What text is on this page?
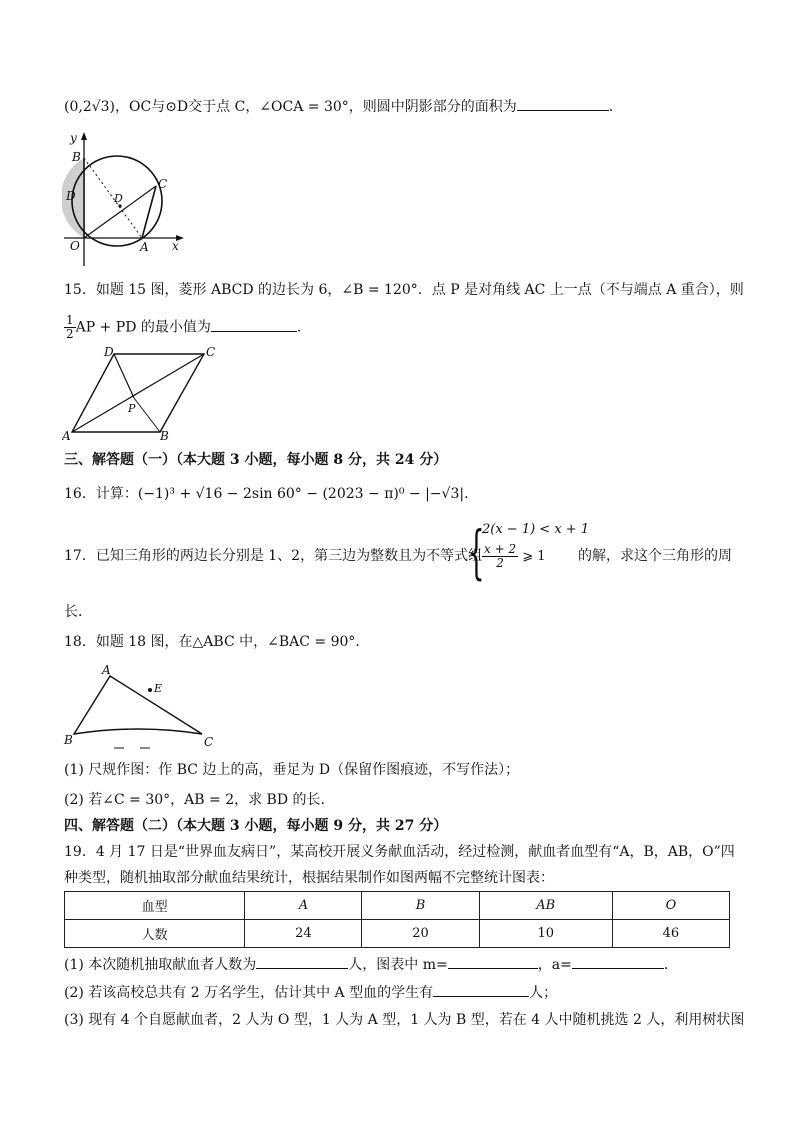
(0,2√3)，OC与⊙D交于点 C，∠OCA = 30°，则圆中阴影部分的面积为	．
y
B
D
D
C
O	A x
15．如题 15 图，菱形 ABCD 的边长为 6，∠B = 120°．点 P 是对角线 AC 上一点（不与端点 A 重合），则
$\frac{1}{2}AP$ + PD 的最小值为	．
D	C
P
A	B
三、解答题（一）（本大题 3 小题，每小题 8 分，共 24 分）
16．计算：(−1)³ + √16 − 2sin 60° − (2023 − π)⁰ − |−√3|．
17．已知三角形的两边长分别是 1、2，第三边为整数且为不等式组
{
2(x − 1) < x + 1
$\frac{x + 2}{2}$ ⩾ 1	的解，求这个三角形的周
长．
18．如题 18 图，在△ABC 中，∠BAC = 90°．
A
E
B	C
(1) 尺规作图：作 BC 边上的高，垂足为 D（保留作图痕迹，不写作法）；
(2) 若∠C = 30°，AB = 2，求 BD 的长．
四、解答题（二）（本大题 3 小题，每小题 9 分，共 27 分）
19．4 月 17 日是“世界血友病日”，某高校开展义务献血活动，经过检测，献血者血型有“A，B，AB，O”四
种类型，随机抽取部分献血结果统计，根据结果制作如图两幅不完整统计图表：
血型	A	B	AB	O
人数	24	20	10	46
(1) 本次随机抽取献血者人数为	人，图表中 m=	，a=	．
(2) 若该高校总共有 2 万名学生，估计其中 A 型血的学生有	人；
(3) 现有 4 个自愿献血者，2 人为 O 型，1 人为 A 型，1 人为 B 型，若在 4 人中随机挑选 2 人，利用树状图
